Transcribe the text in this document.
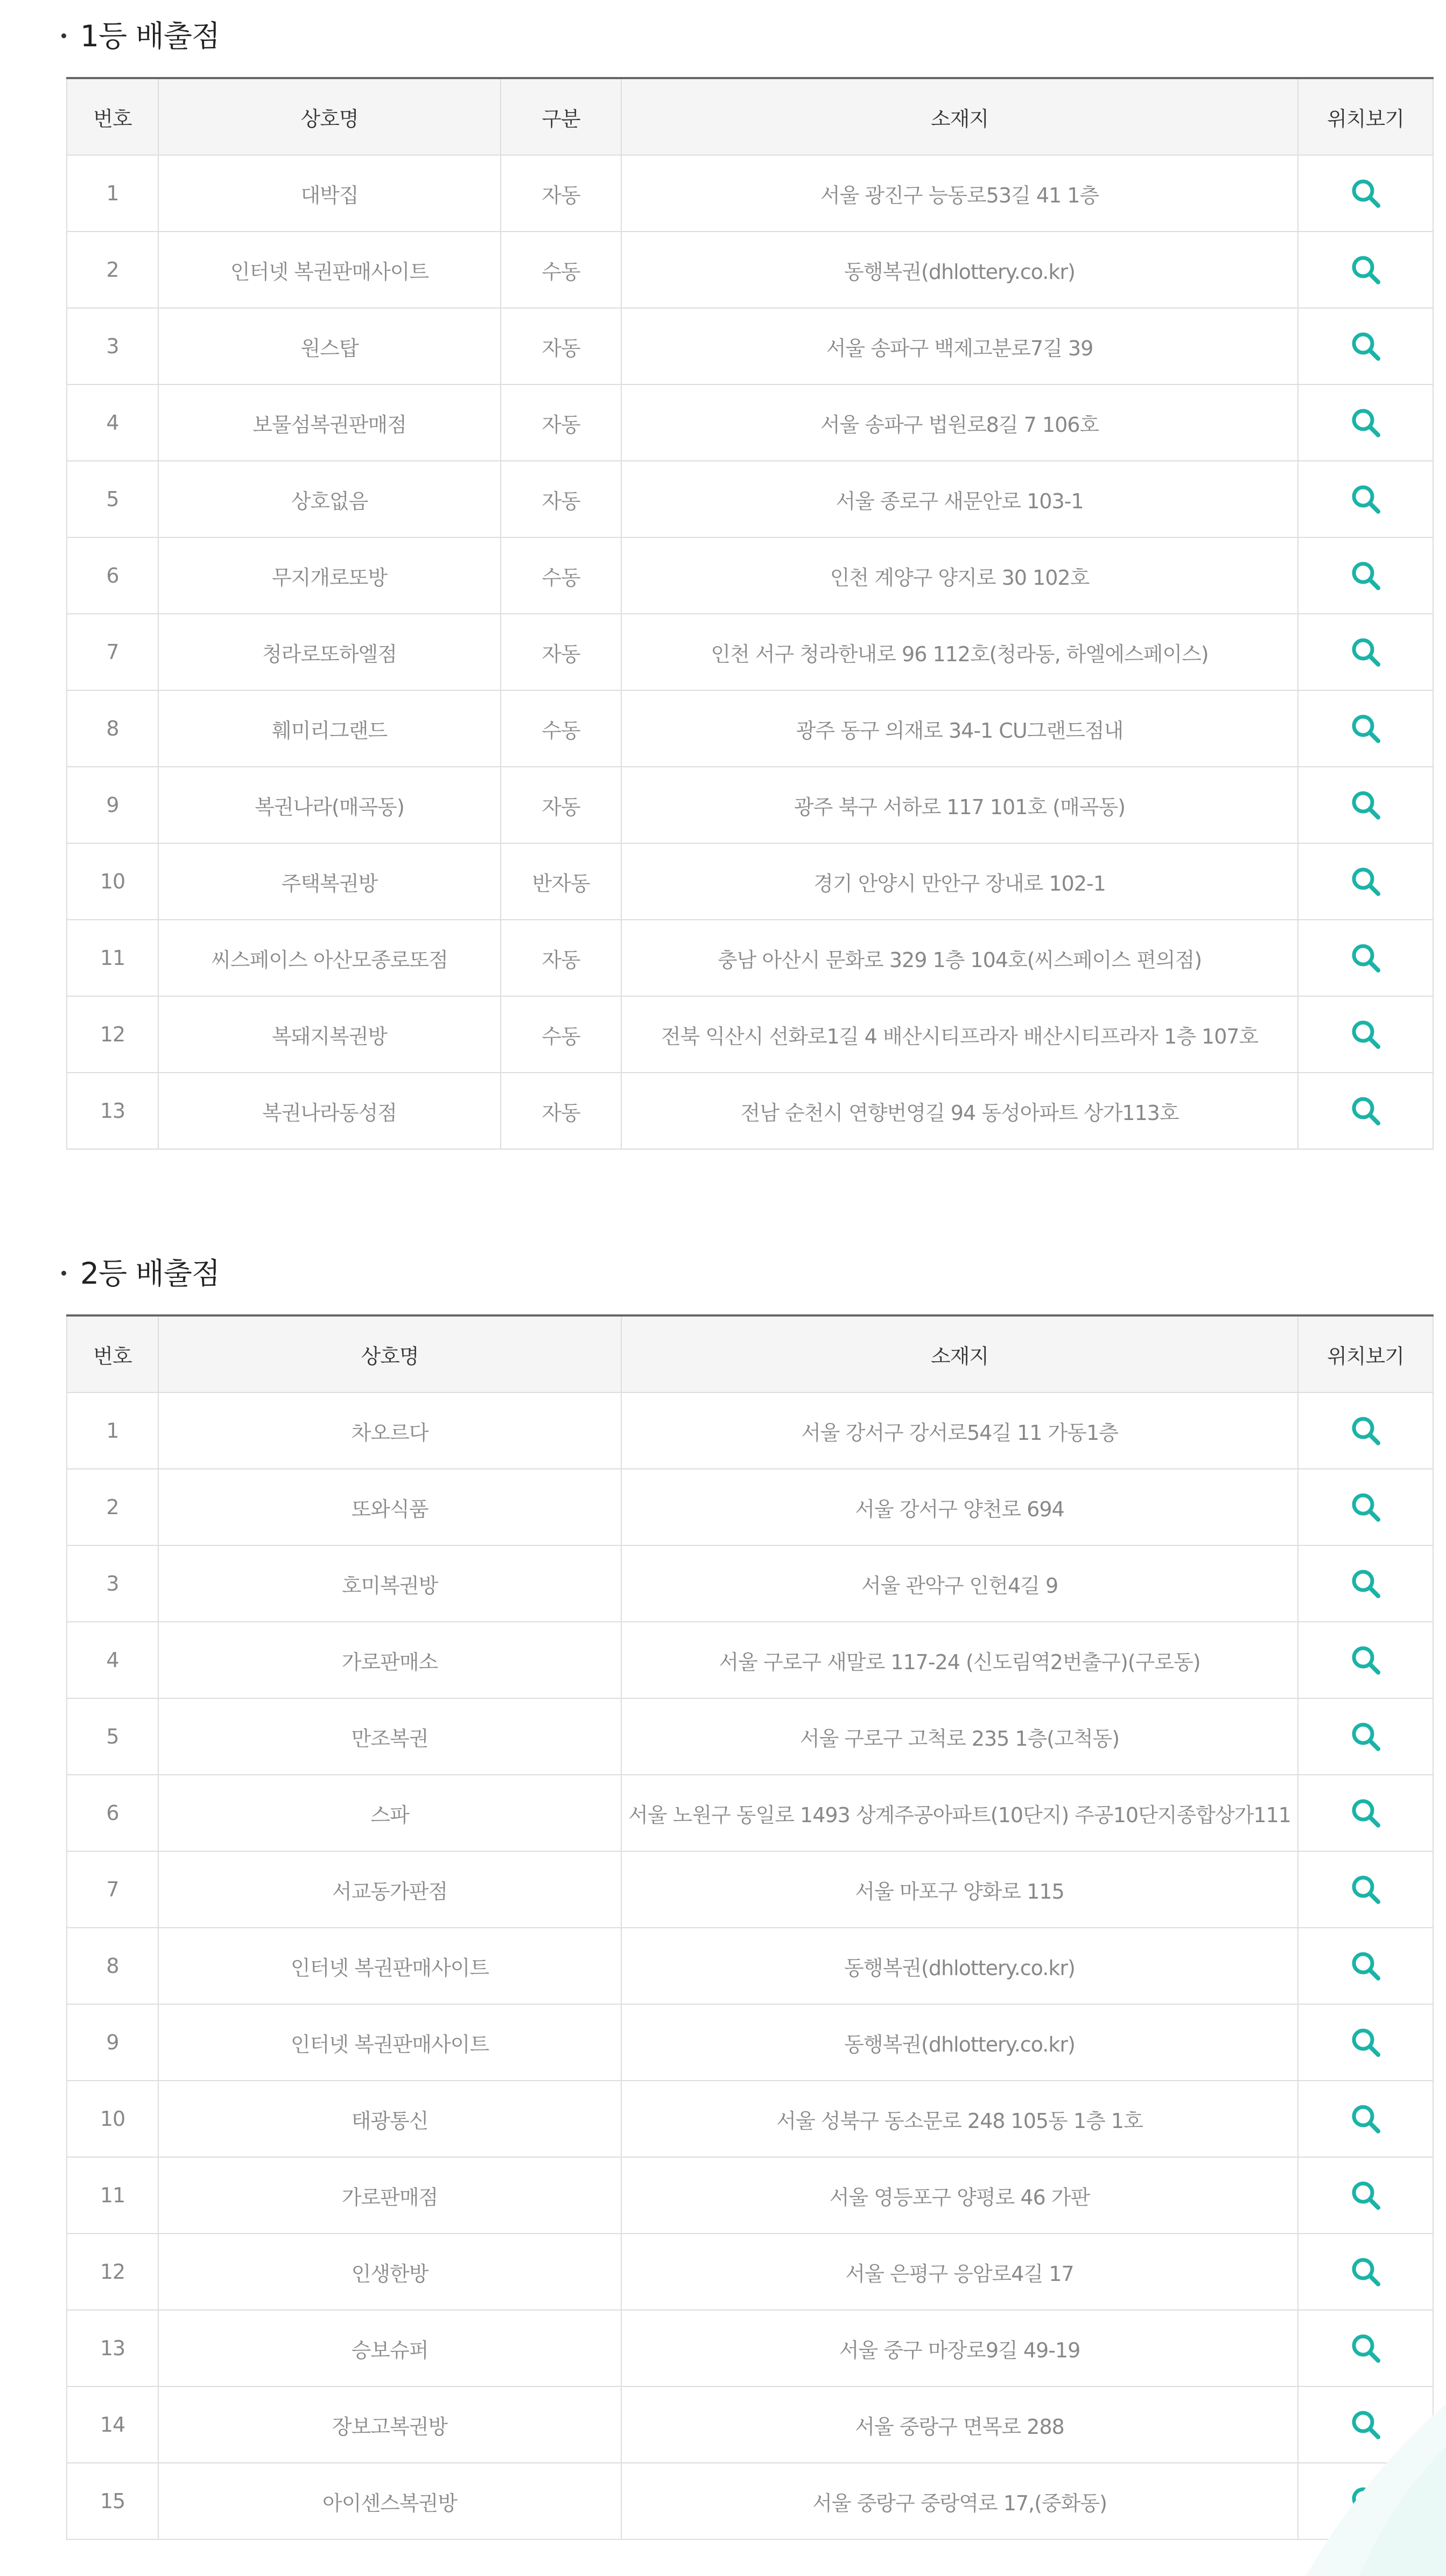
1등 배출점
번호	상호명	구분	소재지	위치보기
1	대박집	자동	서울 광진구 능동로53길 41 1층	
2	인터넷 복권판매사이트	수동	동행복권(dhlottery.co.kr)	
3	원스탑	자동	서울 송파구 백제고분로7길 39	
4	보물섬복권판매점	자동	서울 송파구 법원로8길 7 106호	
5	상호없음	자동	서울 종로구 새문안로 103-1	
6	무지개로또방	수동	인천 계양구 양지로 30 102호	
7	청라로또하엘점	자동	인천 서구 청라한내로 96 112호(청라동, 하엘에스페이스)	
8	훼미리그랜드	수동	광주 동구 의재로 34-1 CU그랜드점내	
9	복권나라(매곡동)	자동	광주 북구 서하로 117 101호 (매곡동)	
10	주택복권방	반자동	경기 안양시 만안구 장내로 102-1	
11	씨스페이스 아산모종로또점	자동	충남 아산시 문화로 329 1층 104호(씨스페이스 편의점)	
12	복돼지복권방	수동	전북 익산시 선화로1길 4 배산시티프라자 배산시티프라자 1층 107호	
13	복권나라동성점	자동	전남 순천시 연향번영길 94 동성아파트 상가113호	
2등 배출점
번호	상호명	소재지	위치보기
1	차오르다	서울 강서구 강서로54길 11 가동1층	
2	또와식품	서울 강서구 양천로 694	
3	호미복권방	서울 관악구 인헌4길 9	
4	가로판매소	서울 구로구 새말로 117-24 (신도림역2번출구)(구로동)	
5	만조복권	서울 구로구 고척로 235 1층(고척동)	
6	스파	서울 노원구 동일로 1493 상계주공아파트(10단지) 주공10단지종합상가111	
7	서교동가판점	서울 마포구 양화로 115	
8	인터넷 복권판매사이트	동행복권(dhlottery.co.kr)	
9	인터넷 복권판매사이트	동행복권(dhlottery.co.kr)	
10	태광통신	서울 성북구 동소문로 248 105동 1층 1호	
11	가로판매점	서울 영등포구 양평로 46 가판	
12	인생한방	서울 은평구 응암로4길 17	
13	승보슈퍼	서울 중구 마장로9길 49-19	
14	장보고복권방	서울 중랑구 면목로 288	
15	아이센스복권방	서울 중랑구 중랑역로 17,(중화동)	
